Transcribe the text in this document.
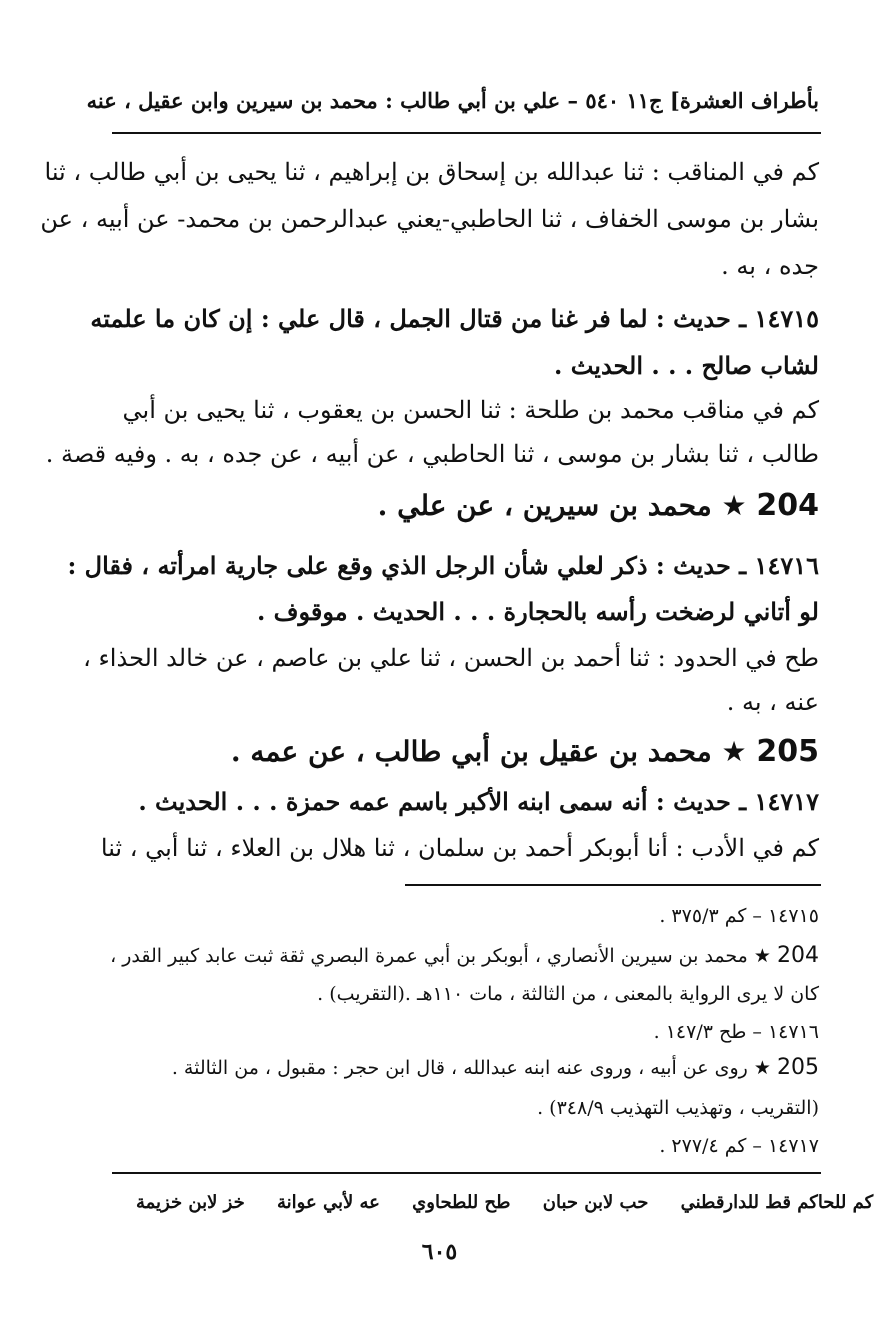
بأطراف العشرة] ج١١ ٥٤٠ – علي بن أبي طالب : محمد بن سيرين وابن عقيل ، عنه
كم في المناقب : ثنا عبدالله بن إسحاق بن إبراهيم ، ثنا يحيى بن أبي طالب ، ثنا
بشار بن موسى الخفاف ، ثنا الحاطبي-يعني عبدالرحمن بن محمد- عن أبيه ، عن
جده ، به .
١٤٧١٥ ـ حديث : لما فر غنا من قتال الجمل ، قال علي : إن كان ما علمته
لشاب صالح . . . الحديث .
كم في مناقب محمد بن طلحة : ثنا الحسن بن يعقوب ، ثنا يحيى بن أبي
طالب ، ثنا بشار بن موسى ، ثنا الحاطبي ، عن أبيه ، عن جده ، به . وفيه قصة .
204 ★ محمد بن سيرين ، عن علي .
١٤٧١٦ ـ حديث : ذكر لعلي شأن الرجل الذي وقع على جارية امرأته ، فقال :
لو أتاني لرضخت رأسه بالحجارة . . . الحديث . موقوف .
طح في الحدود : ثنا أحمد بن الحسن ، ثنا علي بن عاصم ، عن خالد الحذاء ،
عنه ، به .
205 ★ محمد بن عقيل بن أبي طالب ، عن عمه .
١٤٧١٧ ـ حديث : أنه سمى ابنه الأكبر باسم عمه حمزة . . . الحديث .
كم في الأدب : أنا أبوبكر أحمد بن سلمان ، ثنا هلال بن العلاء ، ثنا أبي ، ثنا
١٤٧١٥ – كم ٣٧٥/٣ .
204 ★ محمد بن سيرين الأنصاري ، أبوبكر بن أبي عمرة البصري ثقة ثبت عابد كبير القدر ،
كان لا يرى الرواية بالمعنى ، من الثالثة ، مات ١١٠هـ .(التقريب) .
١٤٧١٦ – طح ١٤٧/٣ .
205 ★ روى عن أبيه ، وروى عنه ابنه عبدالله ، قال ابن حجر : مقبول ، من الثالثة .
(التقريب ، وتهذيب التهذيب ٣٤٨/٩) .
١٤٧١٧ – كم ٢٧٧/٤ .
خز لابن خزيمة عه لأبي عوانة طح للطحاوي حب لابن حبان قط للدارقطني كم للحاكم
٦٠٥
